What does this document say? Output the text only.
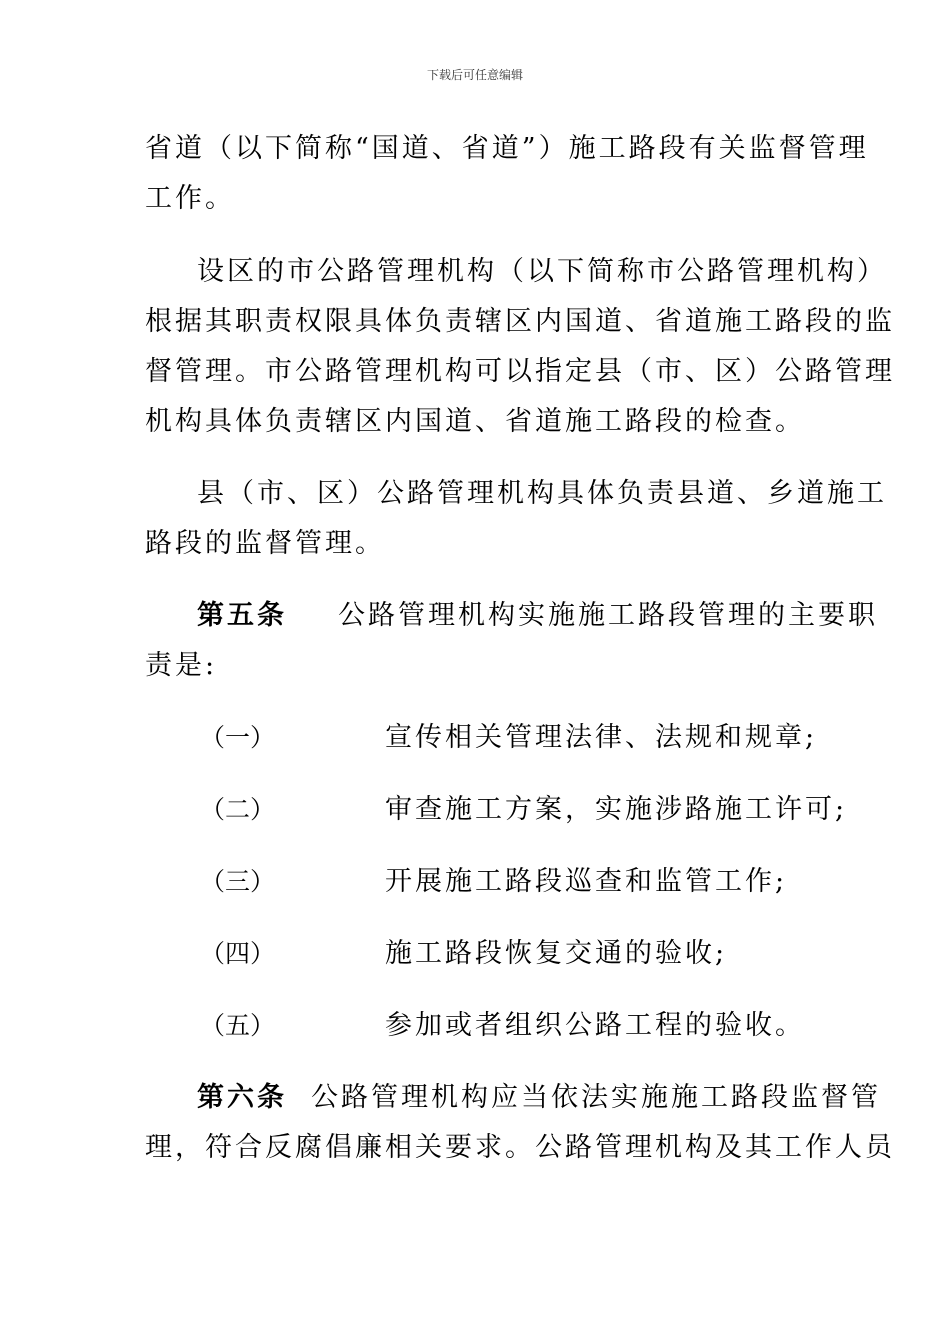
下载后可任意编辑
省道（以下简称“国道、省道”）施工路段有关监督管理
工作。
设区的市公路管理机构（以下简称市公路管理机构）
根据其职责权限具体负责辖区内国道、省道施工路段的监
督管理。市公路管理机构可以指定县（市、区）公路管理
机构具体负责辖区内国道、省道施工路段的检查。
县（市、区）公路管理机构具体负责县道、乡道施工
路段的监督管理。
第五条 公路管理机构实施施工路段管理的主要职
责是:
（一）	宣传相关管理法律、法规和规章;
（二）	审查施工方案，实施涉路施工许可;
（三）	开展施工路段巡查和监管工作;
（四）	施工路段恢复交通的验收;
（五）	参加或者组织公路工程的验收。
第六条 公路管理机构应当依法实施施工路段监督管
理，符合反腐倡廉相关要求。公路管理机构及其工作人员
